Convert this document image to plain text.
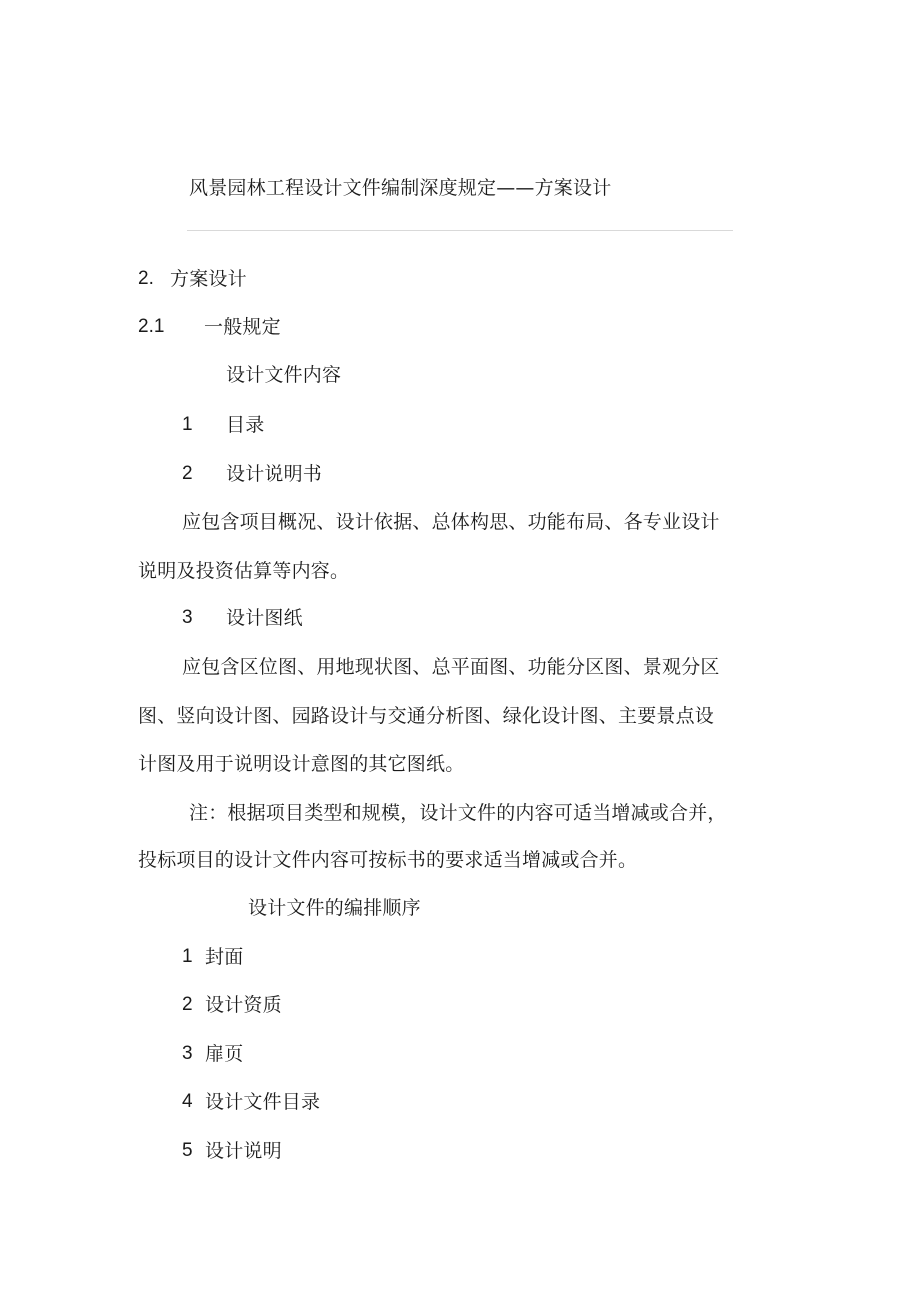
风景园林工程设计文件编制深度规定——方案设计
2. 方案设计
2.1 一般规定
设计文件内容
1 目录
2 设计说明书
应包含项目概况、设计依据、总体构思、功能布局、各专业设计
说明及投资估算等内容。
3 设计图纸
应包含区位图、用地现状图、总平面图、功能分区图、景观分区
图、竖向设计图、园路设计与交通分析图、绿化设计图、主要景点设
计图及用于说明设计意图的其它图纸。
注：根据项目类型和规模，设计文件的内容可适当增减或合并，
投标项目的设计文件内容可按标书的要求适当增减或合并。
设计文件的编排顺序
1 封面
2 设计资质
3 扉页
4 设计文件目录
5 设计说明
